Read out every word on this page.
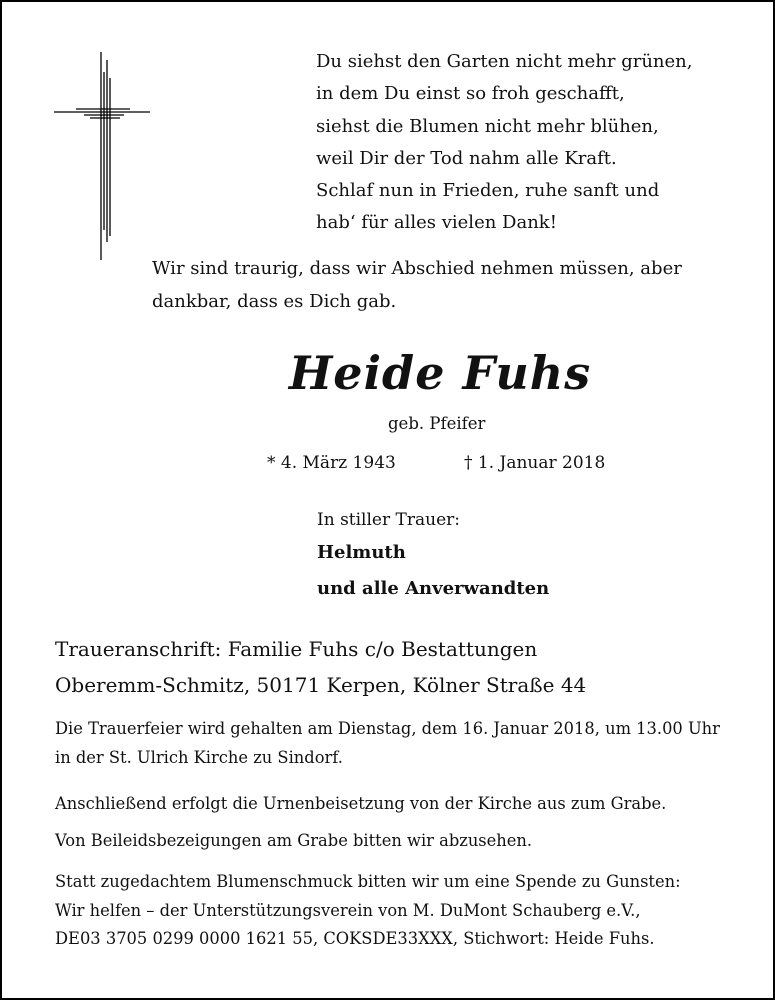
Du siehst den Garten nicht mehr grünen,
in dem Du einst so froh geschafft,
siehst die Blumen nicht mehr blühen,
weil Dir der Tod nahm alle Kraft.
Schlaf nun in Frieden, ruhe sanft und
hab‘ für alles vielen Dank!
Wir sind traurig, dass wir Abschied nehmen müssen, aber dankbar, dass es Dich gab.
Heide Fuhs
geb. Pfeifer
* 4. März 1943	† 1. Januar 2018
In stiller Trauer:
Helmuth
und alle Anverwandten
Traueranschrift: Familie Fuhs c/o Bestattungen
Oberemm-Schmitz, 50171 Kerpen, Kölner Straße 44
Die Trauerfeier wird gehalten am Dienstag, dem 16. Januar 2018, um 13.00 Uhr in der St. Ulrich Kirche zu Sindorf.
Anschließend erfolgt die Urnenbeisetzung von der Kirche aus zum Grabe.
Von Beileidsbezeigungen am Grabe bitten wir abzusehen.
Statt zugedachtem Blumenschmuck bitten wir um eine Spende zu Gunsten:
Wir helfen – der Unterstützungsverein von M. DuMont Schauberg e.V.,
DE03 3705 0299 0000 1621 55, COKSDE33XXX, Stichwort: Heide Fuhs.
